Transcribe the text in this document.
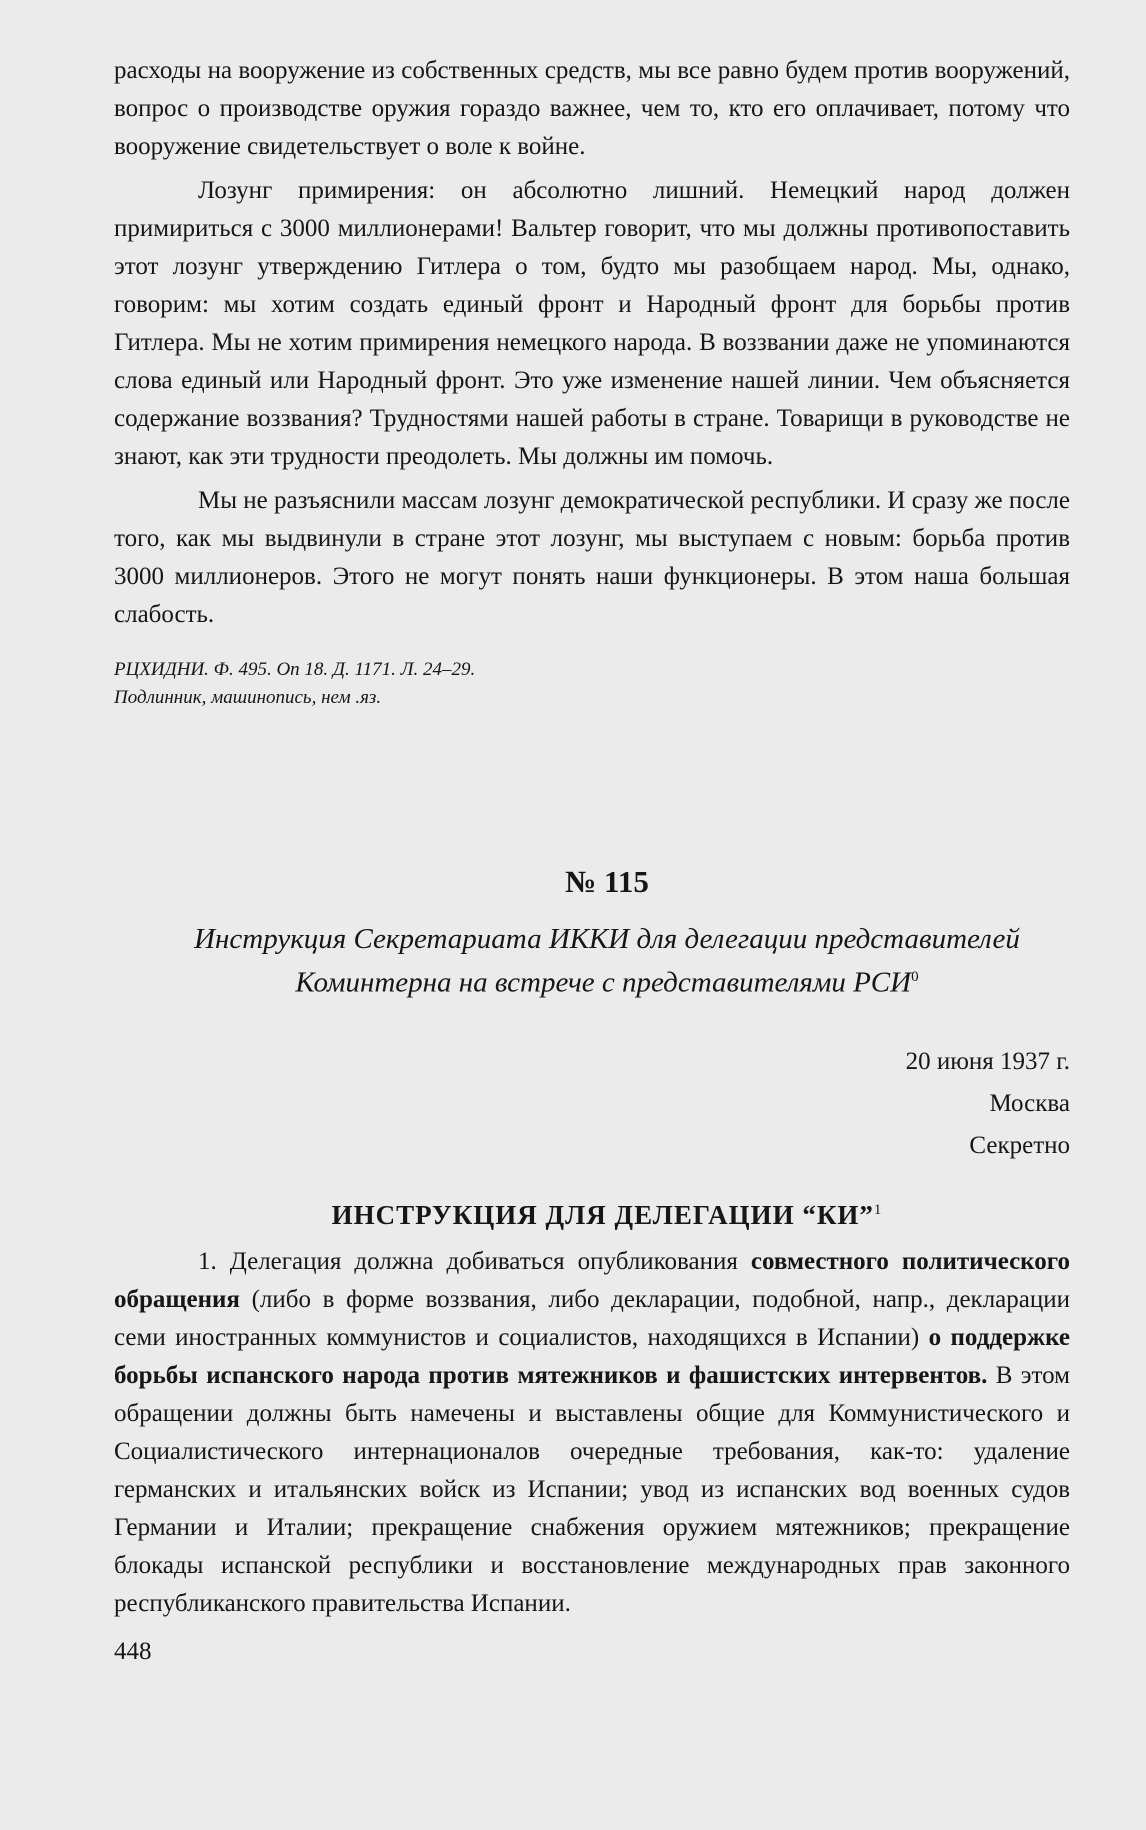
расходы на вооружение из собственных средств, мы все равно будем против вооружений, вопрос о производстве оружия гораздо важнее, чем то, кто его оплачивает, потому что вооружение свидетельствует о воле к войне.

Лозунг примирения: он абсолютно лишний. Немецкий народ должен примириться с 3000 миллионерами! Вальтер говорит, что мы должны противопоставить этот лозунг утверждению Гитлера о том, будто мы разобщаем народ. Мы, однако, говорим: мы хотим создать единый фронт и Народный фронт для борьбы против Гитлера. Мы не хотим примирения немецкого народа. В воззвании даже не упоминаются слова единый или Народный фронт. Это уже изменение нашей линии. Чем объясняется содержание воззвания? Трудностями нашей работы в стране. Товарищи в руководстве не знают, как эти трудности преодолеть. Мы должны им помочь.

Мы не разъяснили массам лозунг демократической республики. И сразу же после того, как мы выдвинули в стране этот лозунг, мы выступаем с новым: борьба против 3000 миллионеров. Этого не могут понять наши функционеры. В этом наша большая слабость.

РЦХИДНИ. Ф. 495. Оп 18. Д. 1171. Л. 24–29.
Подлинник, машинопись, нем .яз.
№ 115
Инструкция Секретариата ИККИ для делегации представителей Коминтерна на встрече с представителями РСИ$^0$
20 июня 1937 г.
Москва
Секретно
ИНСТРУКЦИЯ ДЛЯ ДЕЛЕГАЦИИ “КИ”$^1$

1. Делегация должна добиваться опубликования совместного политического обращения (либо в форме воззвания, либо декларации, подобной, напр., декларации семи иностранных коммунистов и социалистов, находящихся в Испании) о поддержке борьбы испанского народа против мятежников и фашистских интервентов. В этом обращении должны быть намечены и выставлены общие для Коммунистического и Социалистического интернационалов очередные требования, как-то: удаление германских и итальянских войск из Испании; увод из испанских вод военных судов Германии и Италии; прекращение снабжения оружием мятежников; прекращение блокады испанской республики и восстановление международных прав законного республиканского правительства Испании.

448
